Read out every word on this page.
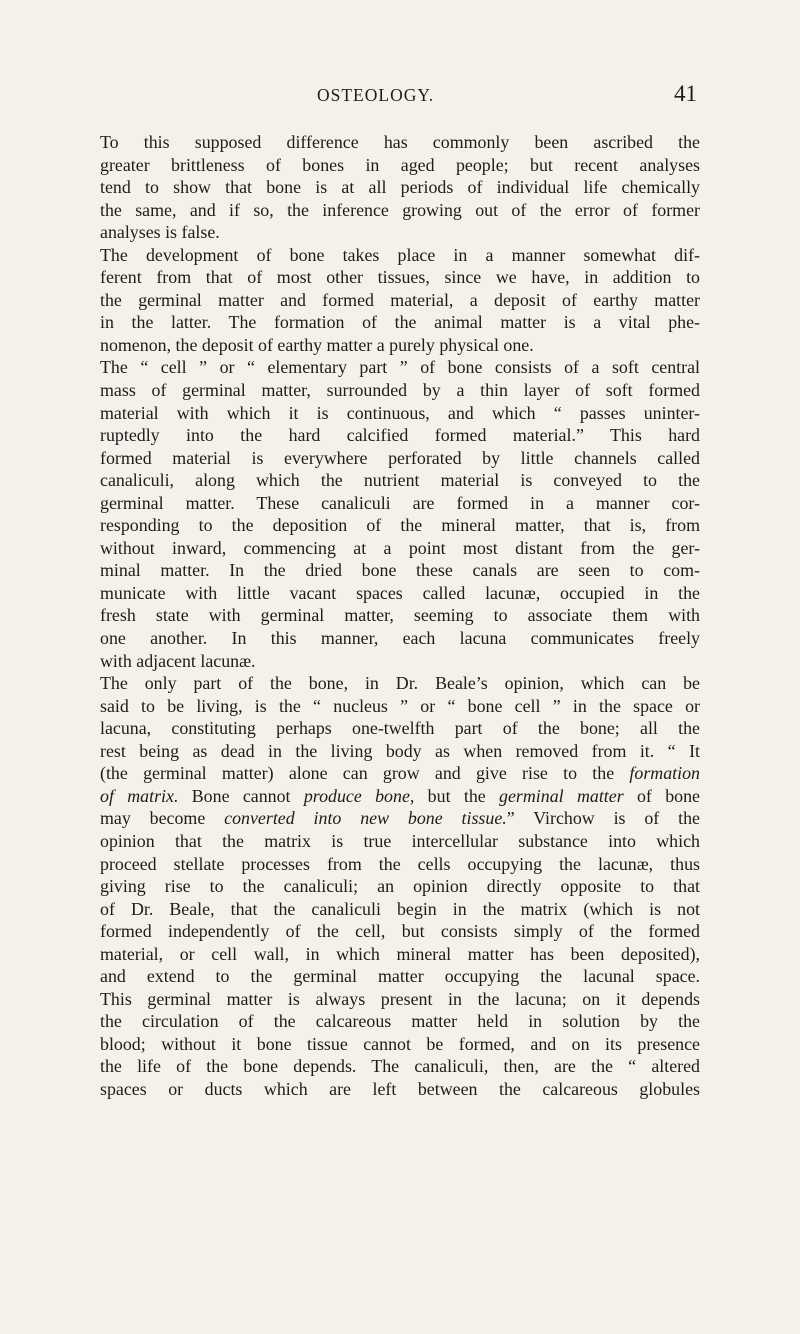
OSTEOLOGY.	41
To this supposed difference has commonly been ascribed the
greater brittleness of bones in aged people; but recent analyses
tend to show that bone is at all periods of individual life chemically
the same, and if so, the inference growing out of the error of former
analyses is false.
The development of bone takes place in a manner somewhat dif-
ferent from that of most other tissues, since we have, in addition to
the germinal matter and formed material, a deposit of earthy matter
in the latter. The formation of the animal matter is a vital phe-
nomenon, the deposit of earthy matter a purely physical one.
The “ cell ” or “ elementary part ” of bone consists of a soft central
mass of germinal matter, surrounded by a thin layer of soft formed
material with which it is continuous, and which “ passes uninter-
ruptedly into the hard calcified formed material.” This hard
formed material is everywhere perforated by little channels called
canaliculi, along which the nutrient material is conveyed to the
germinal matter. These canaliculi are formed in a manner cor-
responding to the deposition of the mineral matter, that is, from
without inward, commencing at a point most distant from the ger-
minal matter. In the dried bone these canals are seen to com-
municate with little vacant spaces called lacunæ, occupied in the
fresh state with germinal matter, seeming to associate them with
one another. In this manner, each lacuna communicates freely
with adjacent lacunæ.
The only part of the bone, in Dr. Beale’s opinion, which can be
said to be living, is the “ nucleus ” or “ bone cell ” in the space or
lacuna, constituting perhaps one-twelfth part of the bone; all the
rest being as dead in the living body as when removed from it. “ It
(the germinal matter) alone can grow and give rise to the formation
of matrix. Bone cannot produce bone, but the germinal matter of bone
may become converted into new bone tissue.” Virchow is of the
opinion that the matrix is true intercellular substance into which
proceed stellate processes from the cells occupying the lacunæ, thus
giving rise to the canaliculi; an opinion directly opposite to that
of Dr. Beale, that the canaliculi begin in the matrix (which is not
formed independently of the cell, but consists simply of the formed
material, or cell wall, in which mineral matter has been deposited),
and extend to the germinal matter occupying the lacunal space.
This germinal matter is always present in the lacuna; on it depends
the circulation of the calcareous matter held in solution by the
blood; without it bone tissue cannot be formed, and on its presence
the life of the bone depends. The canaliculi, then, are the “ altered
spaces or ducts which are left between the calcareous globules
